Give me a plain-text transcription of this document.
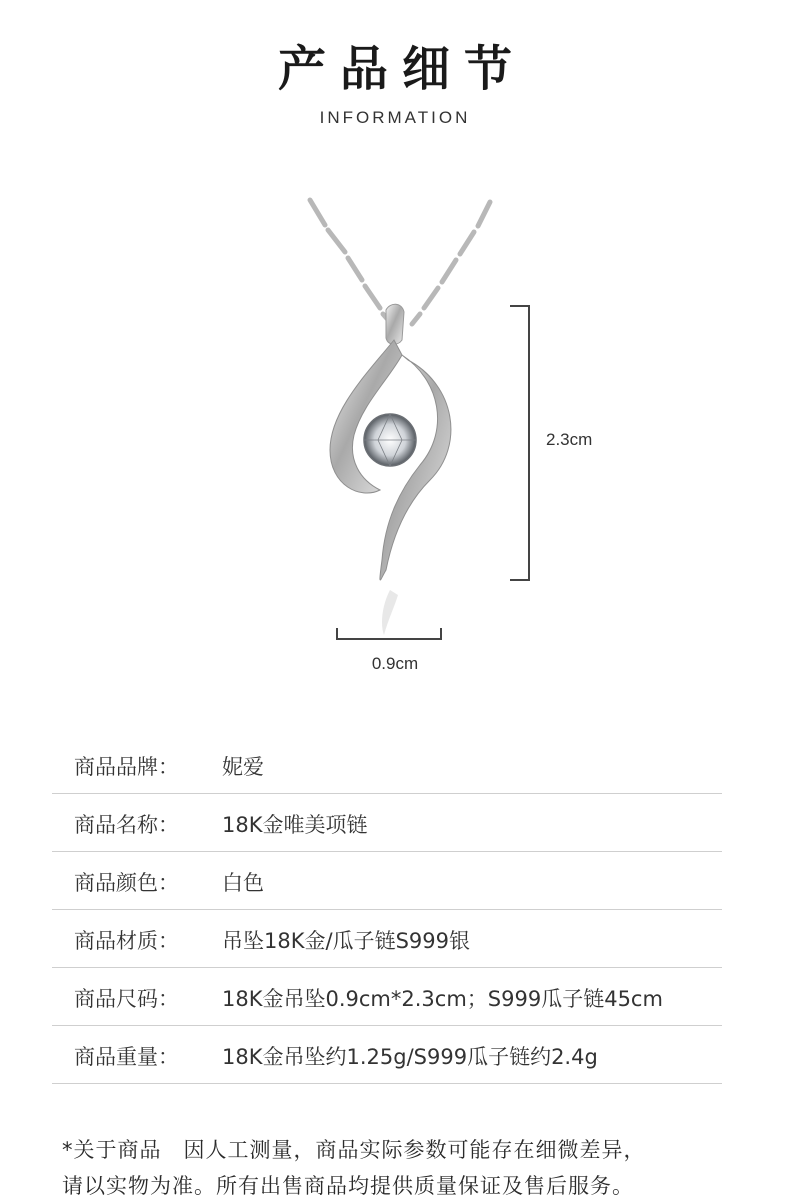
产品细节
INFORMATION
2.3cm
0.9cm
商品品牌： 妮爱
商品名称： 18K金唯美项链
商品颜色： 白色
商品材质： 吊坠18K金/瓜子链S999银
商品尺码： 18K金吊坠0.9cm*2.3cm；S999瓜子链45cm
商品重量： 18K金吊坠约1.25g/S999瓜子链约2.4g
*关于商品　因人工测量，商品实际参数可能存在细微差异，
请以实物为准。所有出售商品均提供质量保证及售后服务。
